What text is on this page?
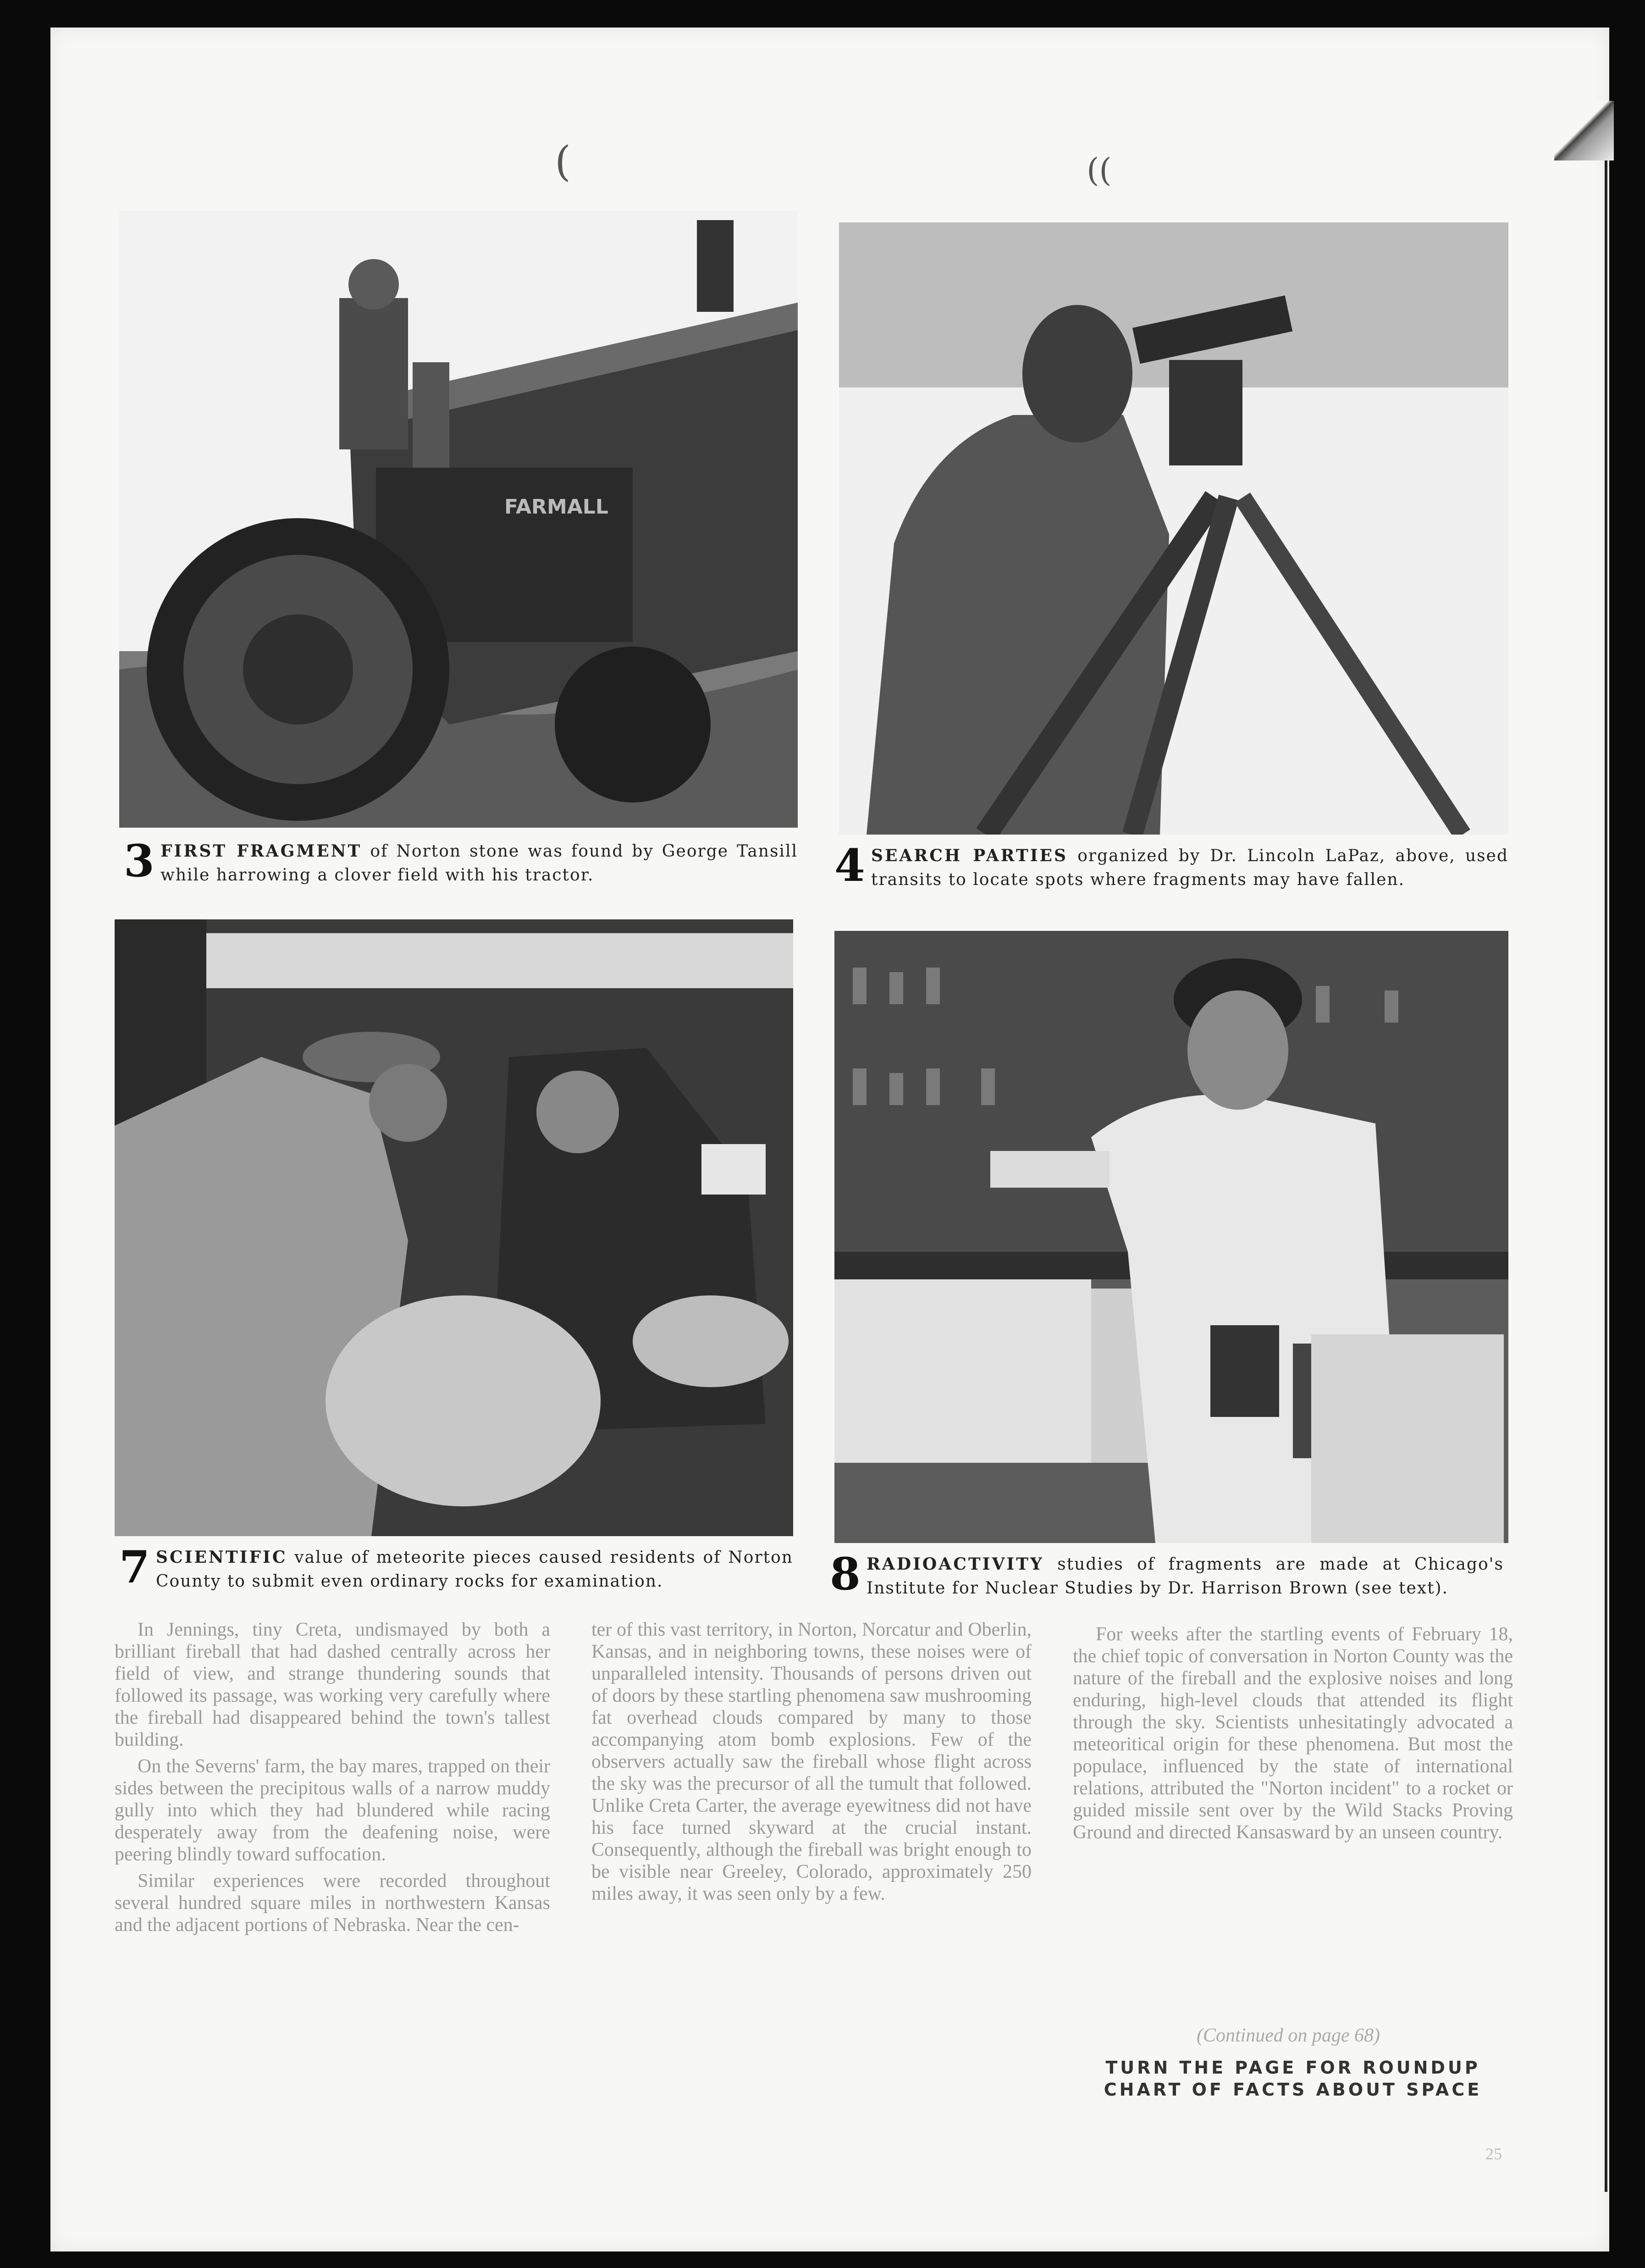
(	((
FARMALL
3 FIRST FRAGMENT of Norton stone was found by George Tansill while harrowing a clover field with his tractor.	4 SEARCH PARTIES organized by Dr. Lincoln LaPaz, above, used transits to locate spots where fragments may have fallen.
7 SCIENTIFIC value of meteorite pieces caused residents of Norton County to submit even ordinary rocks for examination.	8 RADIOACTIVITY studies of fragments are made at Chicago's Institute for Nuclear Studies by Dr. Harrison Brown (see text).

In Jennings, tiny Creta, undismayed by both a brilliant fireball that had dashed centrally across her field of view, and strange thundering sounds that followed its passage, was working very carefully where the fireball had disappeared behind the town's tallest building.

On the Severns' farm, the bay mares, trapped on their sides between the precipitous walls of a narrow muddy gully into which they had blundered while racing desperately away from the deafening noise, were peering blindly toward suffocation.

Similar experiences were recorded throughout several hundred square miles in northwestern Kansas and the adjacent portions of Nebraska. Near the cen-

ter of this vast territory, in Norton, Norcatur and Oberlin, Kansas, and in neighboring towns, these noises were of unparalleled intensity. Thousands of persons driven out of doors by these startling phenomena saw mushrooming fat overhead clouds compared by many to those accompanying atom bomb explosions. Few of the observers actually saw the fireball whose flight across the sky was the precursor of all the tumult that followed. Unlike Creta Carter, the average eyewitness did not have his face turned skyward at the crucial instant. Consequently, although the fireball was bright enough to be visible near Greeley, Colorado, approximately 250 miles away, it was seen only by a few.

For weeks after the startling events of February 18, the chief topic of conversation in Norton County was the nature of the fireball and the explosive noises and long enduring, high-level clouds that attended its flight through the sky. Scientists unhesitatingly advocated a meteoritical origin for these phenomena. But most the populace, influenced by the state of international relations, attributed the "Norton incident" to a rocket or guided missile sent over by the Wild Stacks Proving Ground and directed Kansasward by an unseen country.

(Continued on page 68)
TURN THE PAGE FOR ROUNDUP
CHART OF FACTS ABOUT SPACE
25
